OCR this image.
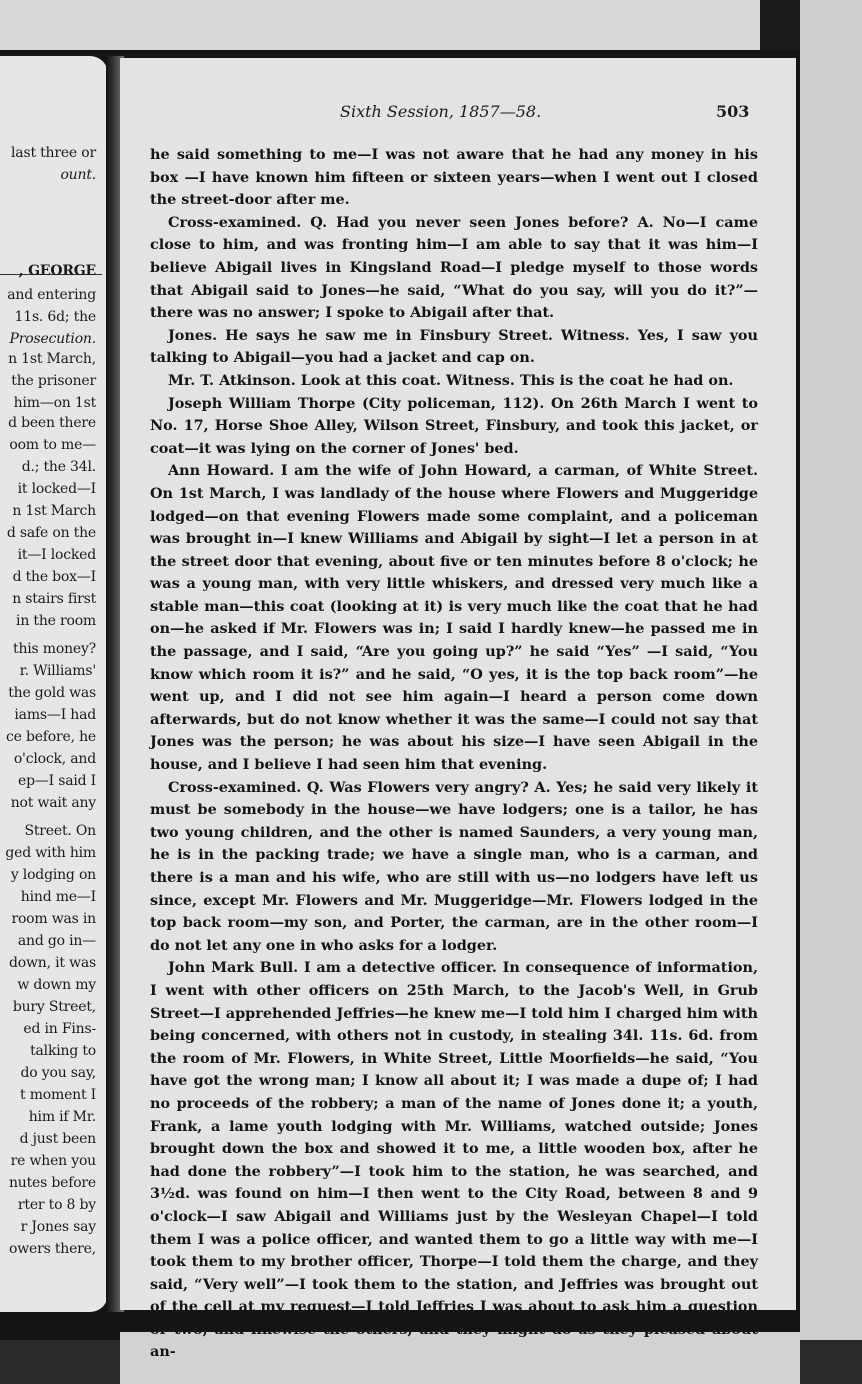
last three or
ount.
, GEORGE
and entering
11s. 6d; the
Prosecution.
n 1st March,
the prisoner
him—on 1st
d been there
oom to me—
d.; the 34l.
it locked—I
n 1st March
d safe on the
it—I locked
d the box—I
n stairs first
in the room
this money?
r. Williams'
the gold was
iams—I had
ce before, he
o'clock, and
ep—I said I
not wait any
Street. On
ged with him
y lodging on
hind me—I
room was in
and go in—
down, it was
w down my
bury Street,
ed in Fins-
talking to
do you say,
t moment I
him if Mr.
d just been
re when you
nutes before
rter to 8 by
r Jones say
owers there,
Sixth Session, 1857—58.	503

he said something to me—I was not aware that he had any money in his box —I have known him fifteen or sixteen years—when I went out I closed the street-door after me.

Cross-examined. Q. Had you never seen Jones before? A. No—I came close to him, and was fronting him—I am able to say that it was him—I believe Abigail lives in Kingsland Road—I pledge myself to those words that Abigail said to Jones—he said, “What do you say, will you do it?”—there was no answer; I spoke to Abigail after that.

Jones. He says he saw me in Finsbury Street. Witness. Yes, I saw you talking to Abigail—you had a jacket and cap on.

Mr. T. Atkinson. Look at this coat. Witness. This is the coat he had on.

Joseph William Thorpe (City policeman, 112). On 26th March I went to No. 17, Horse Shoe Alley, Wilson Street, Finsbury, and took this jacket, or coat—it was lying on the corner of Jones' bed.

Ann Howard. I am the wife of John Howard, a carman, of White Street. On 1st March, I was landlady of the house where Flowers and Muggeridge lodged—on that evening Flowers made some complaint, and a policeman was brought in—I knew Williams and Abigail by sight—I let a person in at the street door that evening, about five or ten minutes before 8 o'clock; he was a young man, with very little whiskers, and dressed very much like a stable man—this coat (looking at it) is very much like the coat that he had on—he asked if Mr. Flowers was in; I said I hardly knew—he passed me in the passage, and I said, “Are you going up?” he said “Yes” —I said, “You know which room it is?” and he said, “O yes, it is the top back room”—he went up, and I did not see him again—I heard a person come down afterwards, but do not know whether it was the same—I could not say that Jones was the person; he was about his size—I have seen Abigail in the house, and I believe I had seen him that evening.

Cross-examined. Q. Was Flowers very angry? A. Yes; he said very likely it must be somebody in the house—we have lodgers; one is a tailor, he has two young children, and the other is named Saunders, a very young man, he is in the packing trade; we have a single man, who is a carman, and there is a man and his wife, who are still with us—no lodgers have left us since, except Mr. Flowers and Mr. Muggeridge—Mr. Flowers lodged in the top back room—my son, and Porter, the carman, are in the other room—I do not let any one in who asks for a lodger.

John Mark Bull. I am a detective officer. In consequence of information, I went with other officers on 25th March, to the Jacob's Well, in Grub Street—I apprehended Jeffries—he knew me—I told him I charged him with being concerned, with others not in custody, in stealing 34l. 11s. 6d. from the room of Mr. Flowers, in White Street, Little Moorfields—he said, “You have got the wrong man; I know all about it; I was made a dupe of; I had no proceeds of the robbery; a man of the name of Jones done it; a youth, Frank, a lame youth lodging with Mr. Williams, watched outside; Jones brought down the box and showed it to me, a little wooden box, after he had done the robbery”—I took him to the station, he was searched, and 3½d. was found on him—I then went to the City Road, between 8 and 9 o'clock—I saw Abigail and Williams just by the Wesleyan Chapel—I told them I was a police officer, and wanted them to go a little way with me—I took them to my brother officer, Thorpe—I told them the charge, and they said, “Very well”—I took them to the station, and Jeffries was brought out of the cell at my request—I told Jeffries I was about to ask him a question or two, and likewise the others, and they might do as they pleased about an-
